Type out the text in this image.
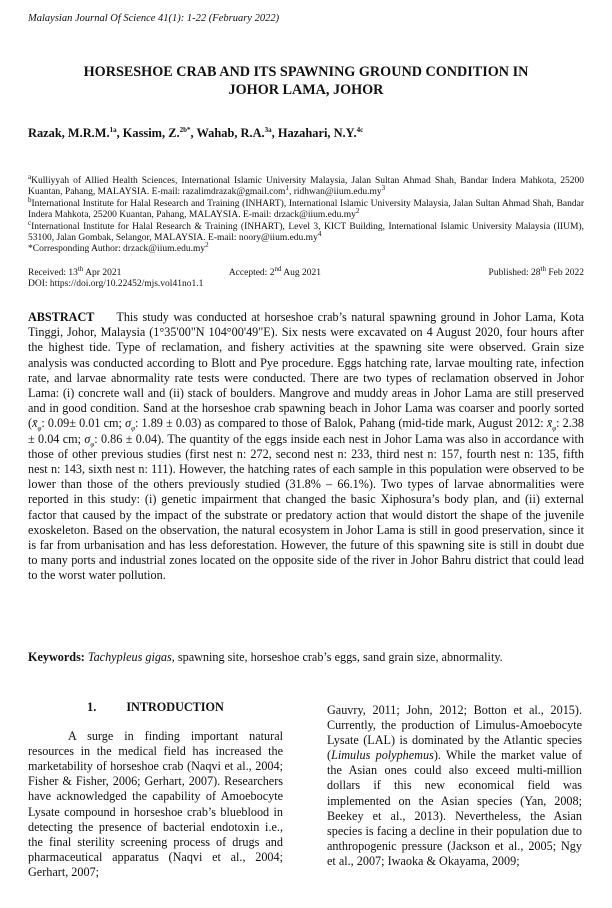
Malaysian Journal Of Science 41(1): 1-22 (February 2022)
HORSESHOE CRAB AND ITS SPAWNING GROUND CONDITION IN
JOHOR LAMA, JOHOR
Razak, M.R.M.$^{1a}$, Kassim, Z.$^{2b*}$, Wahab, R.A.$^{3a}$, Hazahari, N.Y.$^{4c}$

$^a$Kulliyyah of Allied Health Sciences, International Islamic University Malaysia, Jalan Sultan Ahmad Shah, Bandar Indera Mahkota, 25200 Kuantan, Pahang, MALAYSIA. E-mail: razalimdrazak@gmail.com$^1$, $ridhwan@iium.edu.my^3$

$^b$International Institute for Halal Research and Training (INHART), International Islamic University Malaysia, Jalan Sultan Ahmad Shah, Bandar Indera Mahkota, 25200 Kuantan, Pahang, MALAYSIA. E-mail: $drzack@iium.edu.my^2$

$^c$International Institute for Halal Research & Training (INHART), Level 3, KICT Building, International Islamic University Malaysia (IIUM), 53100, Jalan Gombak, Selangor, MALAYSIA. E-mail: $noory@iium.edu.my^4$

*Corresponding Author: $drzack@iium.edu.my^2$

Received: 13th Apr 2021	Accepted: 2nd Aug 2021	Published: 28th Feb 2022
DOI: https://doi.org/10.22452/mjs.vol41no1.1
ABSTRACT This study was conducted at horseshoe crab’s natural spawning ground in Johor Lama, Kota Tinggi, Johor, Malaysia (1°35'00"N 104°00'49"E). Six nests were excavated on 4 August 2020, four hours after the highest tide. Type of reclamation, and fishery activities at the spawning site were observed. Grain size analysis was conducted according to Blott and Pye procedure. Eggs hatching rate, larvae moulting rate, infection rate, and larvae abnormality rate tests were conducted. There are two types of reclamation observed in Johor Lama: (i) concrete wall and (ii) stack of boulders. Mangrove and muddy areas in Johor Lama are still preserved and in good condition. Sand at the horseshoe crab spawning beach in Johor Lama was coarser and poorly sorted ($x̄_\varphi$: 0.09± 0.01 cm; $\sigma_\varphi$: 1.89 ± 0.03) as compared to those of Balok, Pahang (mid-tide mark, August 2012: $x̄_\varphi$: 2.38 ± 0.04 cm; $\sigma_\varphi$: 0.86 ± 0.04). The quantity of the eggs inside each nest in Johor Lama was also in accordance with those of other previous studies (first nest n: 272, second nest n: 233, third nest n: 157, fourth nest n: 135, fifth nest n: 143, sixth nest n: 111). However, the hatching rates of each sample in this population were observed to be lower than those of the others previously studied (31.8% – 66.1%). Two types of larvae abnormalities were reported in this study: (i) genetic impairment that changed the basic Xiphosura’s body plan, and (ii) external factor that caused by the impact of the substrate or predatory action that would distort the shape of the juvenile exoskeleton. Based on the observation, the natural ecosystem in Johor Lama is still in good preservation, since it is far from urbanisation and has less deforestation. However, the future of this spawning site is still in doubt due to many ports and industrial zones located on the opposite side of the river in Johor Bahru district that could lead to the worst water pollution.
Keywords: Tachypleus gigas, spawning site, horseshoe crab’s eggs, sand grain size, abnormality.
1. INTRODUCTION

A surge in finding important natural resources in the medical field has increased the marketability of horseshoe crab (Naqvi et al., 2004; Fisher & Fisher, 2006; Gerhart, 2007). Researchers have acknowledged the capability of Amoebocyte Lysate compound in horseshoe crab’s blueblood in detecting the presence of bacterial endotoxin i.e., the final sterility screening process of drugs and pharmaceutical apparatus (Naqvi et al., 2004; Gerhart, 2007;

Gauvry, 2011; John, 2012; Botton et al., 2015). Currently, the production of Limulus-Amoebocyte Lysate (LAL) is dominated by the Atlantic species (Limulus polyphemus). While the market value of the Asian ones could also exceed multi-million dollars if this new economical field was implemented on the Asian species (Yan, 2008; Beekey et al., 2013). Nevertheless, the Asian species is facing a decline in their population due to anthropogenic pressure (Jackson et al., 2005; Ngy et al., 2007; Iwaoka & Okayama, 2009;
